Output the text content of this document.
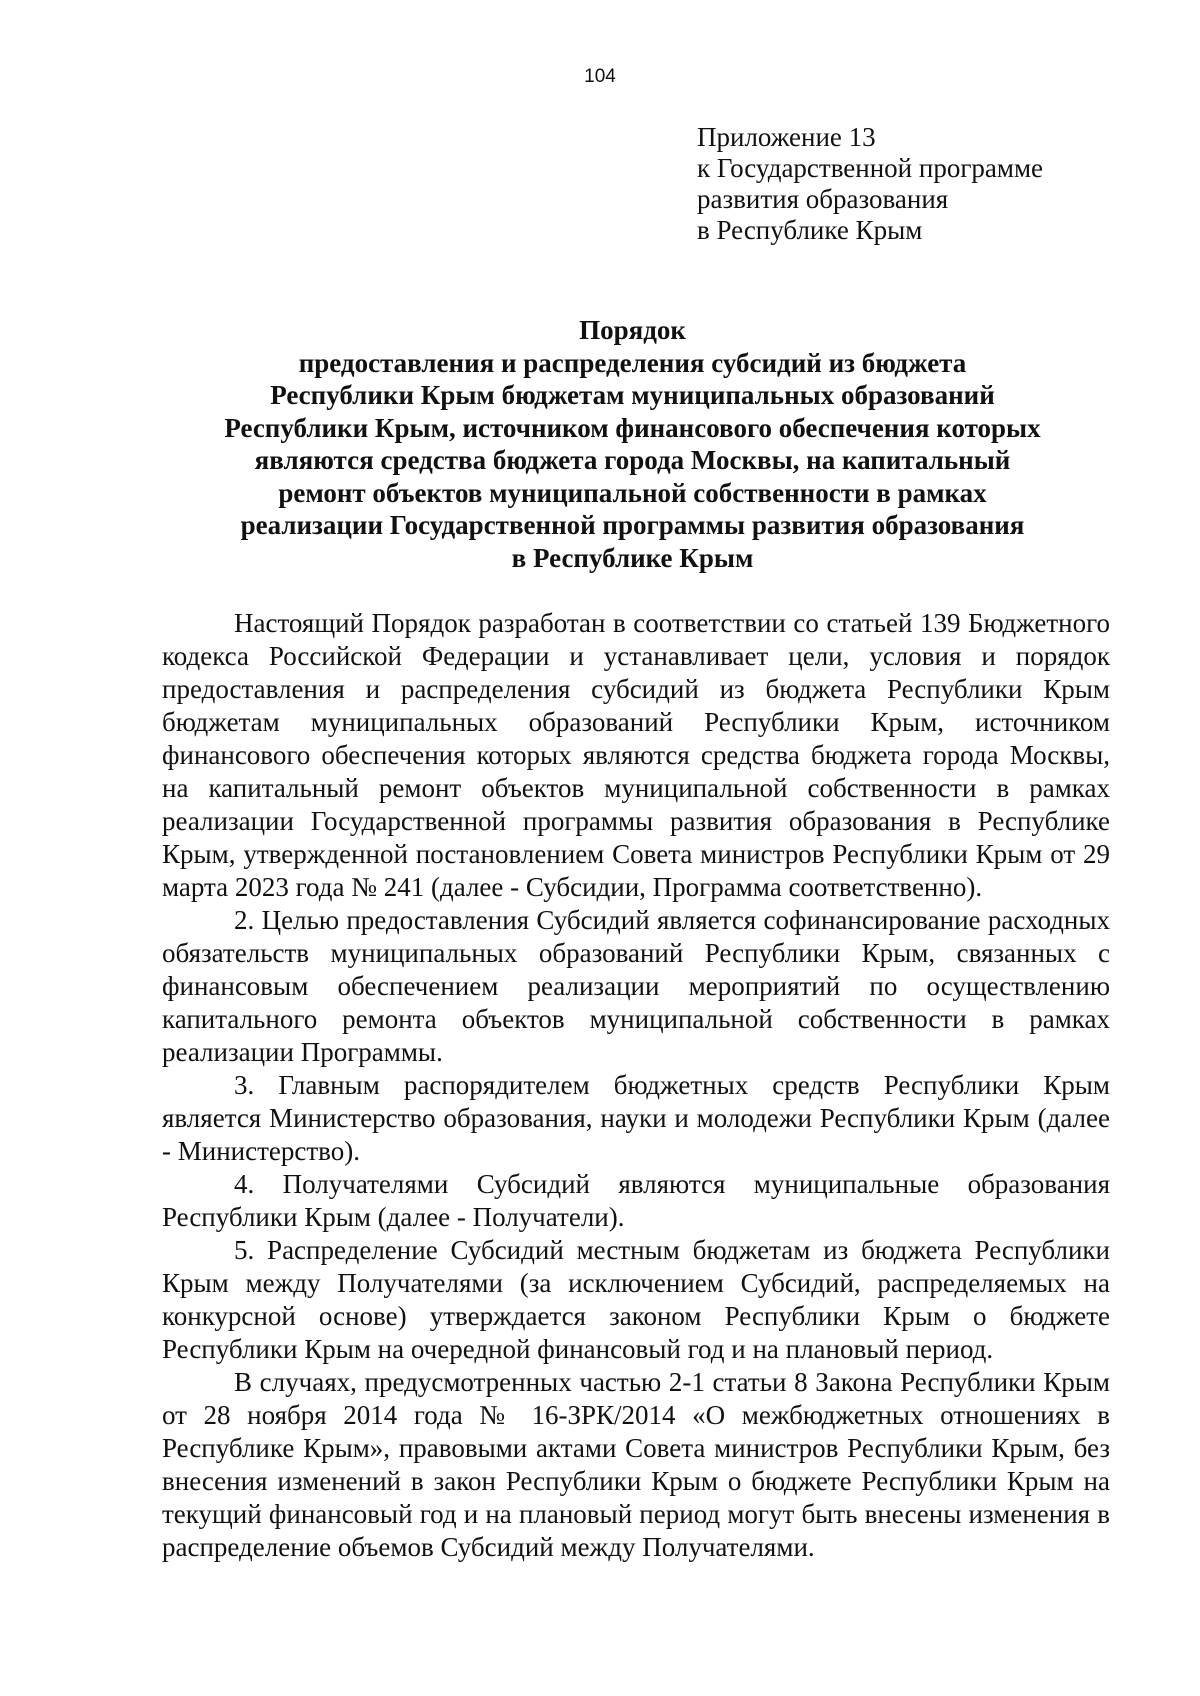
104
Приложение 13
к Государственной программе
развития образования
в Республике Крым
Порядок
предоставления и распределения субсидий из бюджета
Республики Крым бюджетам муниципальных образований
Республики Крым, источником финансового обеспечения которых
являются средства бюджета города Москвы, на капитальный
ремонт объектов муниципальной собственности в рамках
реализации Государственной программы развития образования
в Республике Крым

Настоящий Порядок разработан в соответствии со статьей 139 Бюджетного кодекса Российской Федерации и устанавливает цели, условия и порядок предоставления и распределения субсидий из бюджета Республики Крым бюджетам муниципальных образований Республики Крым, источником финансового обеспечения которых являются средства бюджета города Москвы, на капитальный ремонт объектов муниципальной собственности в рамках реализации Государственной программы развития образования в Республике Крым, утвержденной постановлением Совета министров Республики Крым от 29 марта 2023 года № 241 (далее - Субсидии, Программа соответственно).

2. Целью предоставления Субсидий является софинансирование расходных обязательств муниципальных образований Республики Крым, связанных с финансовым обеспечением реализации мероприятий по осуществлению капитального ремонта объектов муниципальной собственности в рамках реализации Программы.

3. Главным распорядителем бюджетных средств Республики Крым является Министерство образования, науки и молодежи Республики Крым (далее - Министерство).

4. Получателями Субсидий являются муниципальные образования Республики Крым (далее - Получатели).

5. Распределение Субсидий местным бюджетам из бюджета Республики Крым между Получателями (за исключением Субсидий, распределяемых на конкурсной основе) утверждается законом Республики Крым о бюджете Республики Крым на очередной финансовый год и на плановый период.

В случаях, предусмотренных частью 2-1 статьи 8 Закона Республики Крым от 28 ноября 2014 года № 16-ЗРК/2014 «О межбюджетных отношениях в Республике Крым», правовыми актами Совета министров Республики Крым, без внесения изменений в закон Республики Крым о бюджете Республики Крым на текущий финансовый год и на плановый период могут быть внесены изменения в распределение объемов Субсидий между Получателями.
